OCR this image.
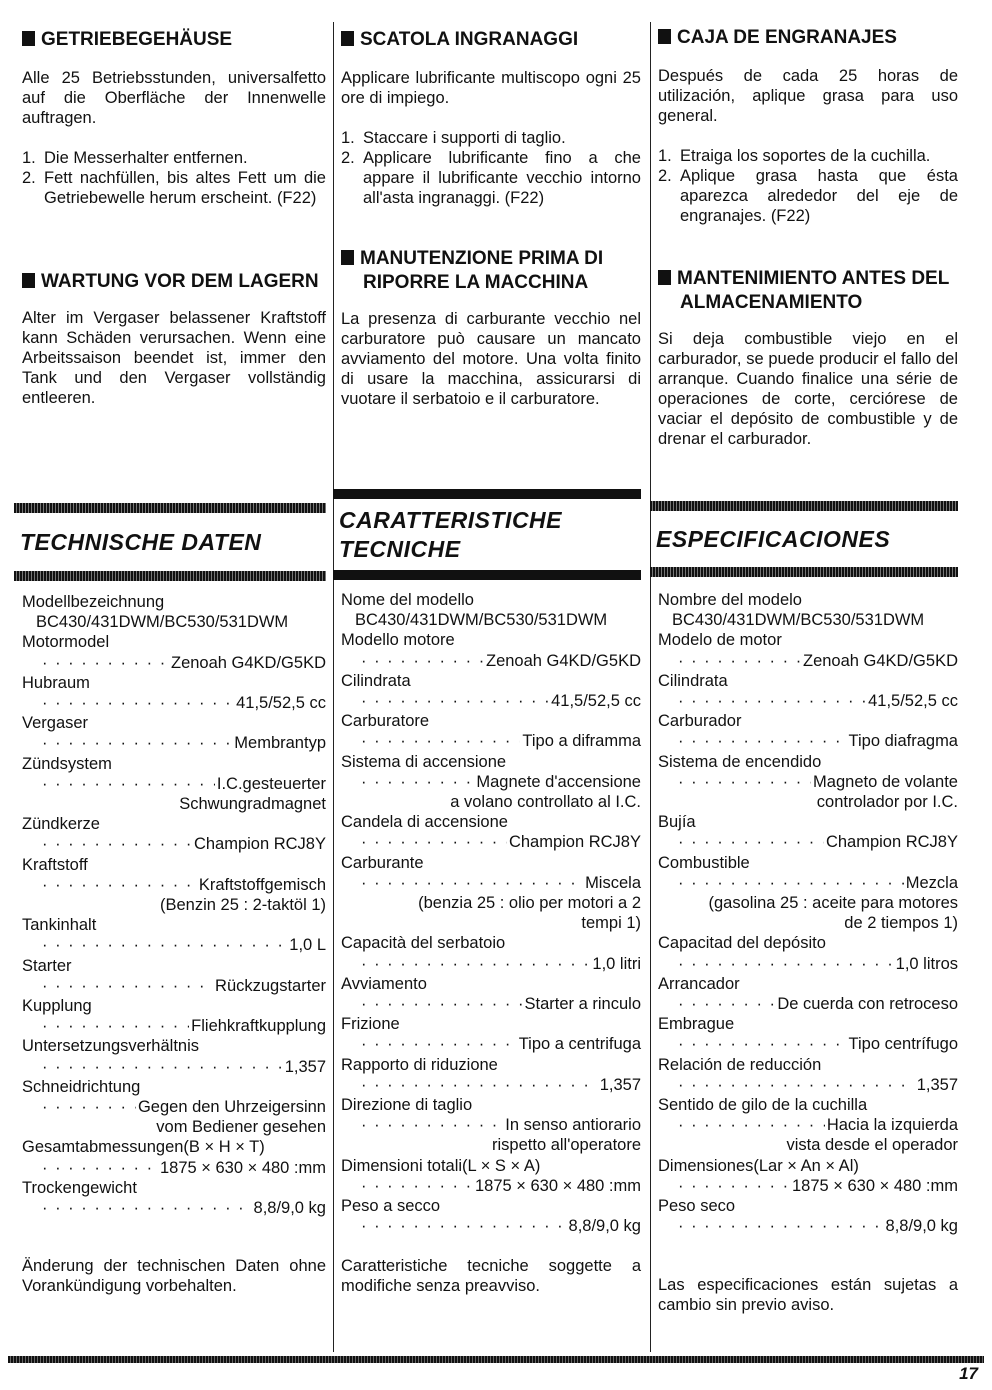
GETRIEBEGEHÄUSE

Alle 25 Betriebsstunden, universalfetto auf die Oberfläche der Innenwelle auftragen.

1. Die Messerhalter entfernen.
2. Fett nachfüllen, bis altes Fett um die Getriebewelle herum erscheint. (F22)
WARTUNG VOR DEM LAGERN

Alter im Vergaser belassener Kraftstoff kann Schäden verursachen. Wenn eine Arbeitssaison beendet ist, immer den Tank und den Vergaser vollständig entleeren.

TECHNISCHE DATEN
Modellbezeichnung
BC430/431DWM/BC530/531DWM
Motormodel
· · ·
Zenoah G4KD/G5KD
Hubraum
· · ·
41,5/52,5 cc
Vergaser
· · ·
Membrantyp
Zündsystem
· · ·
I.C.gesteuerter
Schwungradmagnet
Zündkerze
· · ·
Champion RCJ8Y
Kraftstoff
· · ·
Kraftstoffgemisch
(Benzin 25 : 2-taktöl 1)
Tankinhalt
· · ·
1,0 L
Starter
· · ·
Rückzugstarter
Kupplung
· · ·
Fliehkraftkupplung
Untersetzungsverhältnis
· · ·
1,357
Schneidrichtung
· · ·
Gegen den Uhrzeigersinn
vom Bediener gesehen
Gesamtabmessungen(B × H × T)
· · ·
1875 × 630 × 480 :mm
Trockengewicht
· · ·
8,8/9,0 kg

Änderung der technischen Daten ohne Vorankündigung vorbehalten.

SCATOLA INGRANAGGI

Applicare lubrificante multiscopo ogni 25 ore di impiego.

1. Staccare i supporti di taglio.
2. Applicare lubrificante fino a che appare il lubrificante vecchio intorno all'asta ingranaggi. (F22)
MANUTENZIONE PRIMA DI RIPORRE LA MACCHINA

La presenza di carburante vecchio nel carburatore può causare un mancato avviamento del motore. Una volta finito di usare la macchina, assicurarsi di vuotare il serbatoio e il carburatore.

CARATTERISTICHE TECNICHE
Nome del modello
BC430/431DWM/BC530/531DWM
Modello motore
· · ·
Zenoah G4KD/G5KD
Cilindrata
· · ·
41,5/52,5 cc
Carburatore
· · ·
Tipo a diframma
Sistema di accensione
· · ·
Magnete d'accensione
a volano controllato al I.C.
Candela di accensione
· · ·
Champion RCJ8Y
Carburante
· · ·
Miscela
(benzia 25 : olio per motori a 2
tempi 1)
Capacità del serbatoio
· · ·
1,0 litri
Avviamento
· · ·
Starter a rinculo
Frizione
· · ·
Tipo a centrifuga
Rapporto di riduzione
· · ·
1,357
Direzione di taglio
· · ·
In senso antiorario
rispetto all'operatore
Dimensioni totali(L × S × A)
· · ·
1875 × 630 × 480 :mm
Peso a secco
· · ·
8,8/9,0 kg

Caratteristiche tecniche soggette a modifiche senza preavviso.

CAJA DE ENGRANAJES

Después de cada 25 horas de utilización, aplique grasa para uso general.

1. Etraiga los soportes de la cuchilla.
2. Aplique grasa hasta que ésta aparezca alrededor del eje de engranajes. (F22)
MANTENIMIENTO ANTES DEL ALMACENAMIENTO

Si deja combustible viejo en el carburador, se puede producir el fallo del arranque. Cuando finalice una série de operaciones de corte, cerciórese de vaciar el depósito de combustible y de drenar el carburador.

ESPECIFICACIONES
Nombre del modelo
BC430/431DWM/BC530/531DWM
Modelo de motor
· · ·
Zenoah G4KD/G5KD
Cilindrata
· · ·
41,5/52,5 cc
Carburador
· · ·
Tipo diafragma
Sistema de encendido
· · ·
Magneto de volante
controlador por I.C.
Bujía
· · ·
Champion RCJ8Y
Combustible
· · ·
Mezcla
(gasolina 25 : aceite para motores
de 2 tiempos 1)
Capacitad del depósito
· · ·
1,0 litros
Arrancador
· · ·
De cuerda con retroceso
Embrague
· · ·
Tipo centrífugo
Relación de reducción
· · ·
1,357
Sentido de gilo de la cuchilla
· · ·
Hacia la izquierda
vista desde el operador
Dimensiones(Lar × An × Al)
· · ·
1875 × 630 × 480 :mm
Peso seco
· · ·
8,8/9,0 kg

Las especificaciones están sujetas a cambio sin previo aviso.

17
